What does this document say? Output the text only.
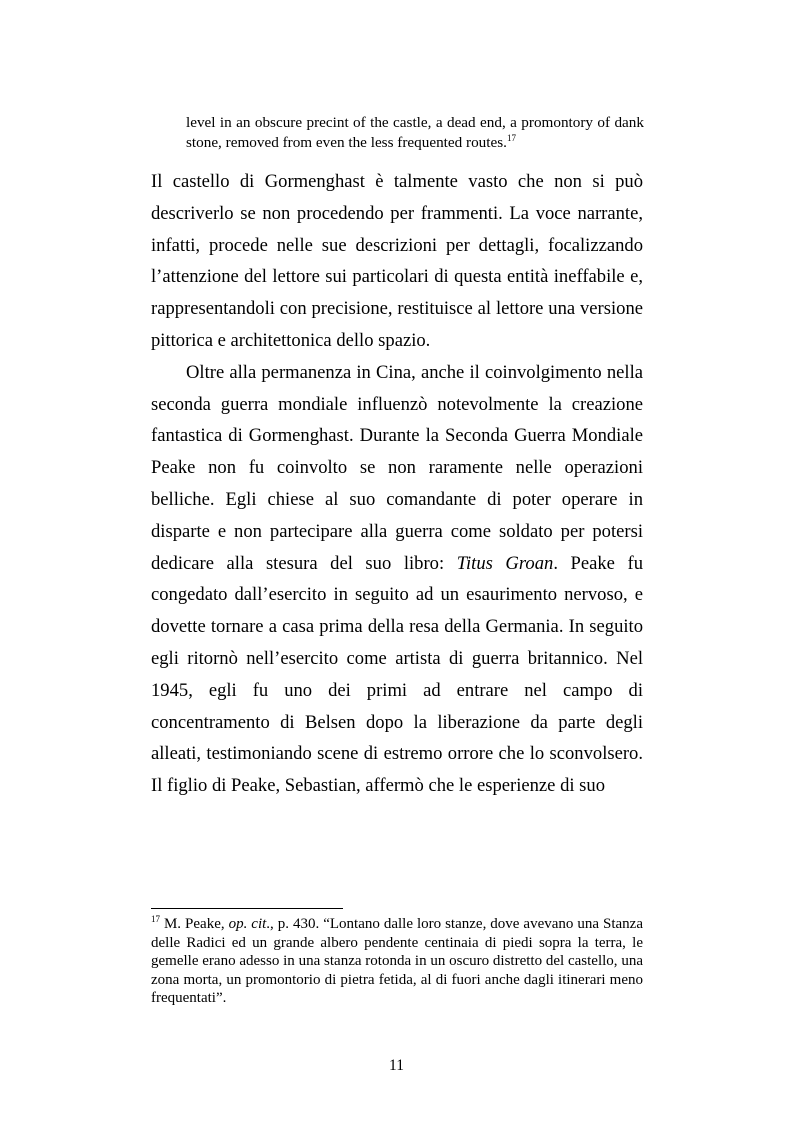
level in an obscure precint of the castle, a dead end, a promontory of dank stone, removed from even the less frequented routes.$^{17}$

Il castello di Gormenghast è talmente vasto che non si può descriverlo se non procedendo per frammenti. La voce narrante, infatti, procede nelle sue descrizioni per dettagli, focalizzando l’attenzione del lettore sui particolari di questa entità ineffabile e, rappresentandoli con precisione, restituisce al lettore una versione pittorica e architettonica dello spazio.

Oltre alla permanenza in Cina, anche il coinvolgimento nella seconda guerra mondiale influenzò notevolmente la creazione fantastica di Gormenghast. Durante la Seconda Guerra Mondiale Peake non fu coinvolto se non raramente nelle operazioni belliche. Egli chiese al suo comandante di poter operare in disparte e non partecipare alla guerra come soldato per potersi dedicare alla stesura del suo libro: Titus Groan. Peake fu congedato dall’esercito in seguito ad un esaurimento nervoso, e dovette tornare a casa prima della resa della Germania. In seguito egli ritornò nell’esercito come artista di guerra britannico. Nel 1945, egli fu uno dei primi ad entrare nel campo di concentramento di Belsen dopo la liberazione da parte degli alleati, testimoniando scene di estremo orrore che lo sconvolsero. Il figlio di Peake, Sebastian, affermò che le esperienze di suo

$^{17}$ M. Peake, op. cit., p. 430. “Lontano dalle loro stanze, dove avevano una Stanza delle Radici ed un grande albero pendente centinaia di piedi sopra la terra, le gemelle erano adesso in una stanza rotonda in un oscuro distretto del castello, una zona morta, un promontorio di pietra fetida, al di fuori anche dagli itinerari meno frequentati”.

11
